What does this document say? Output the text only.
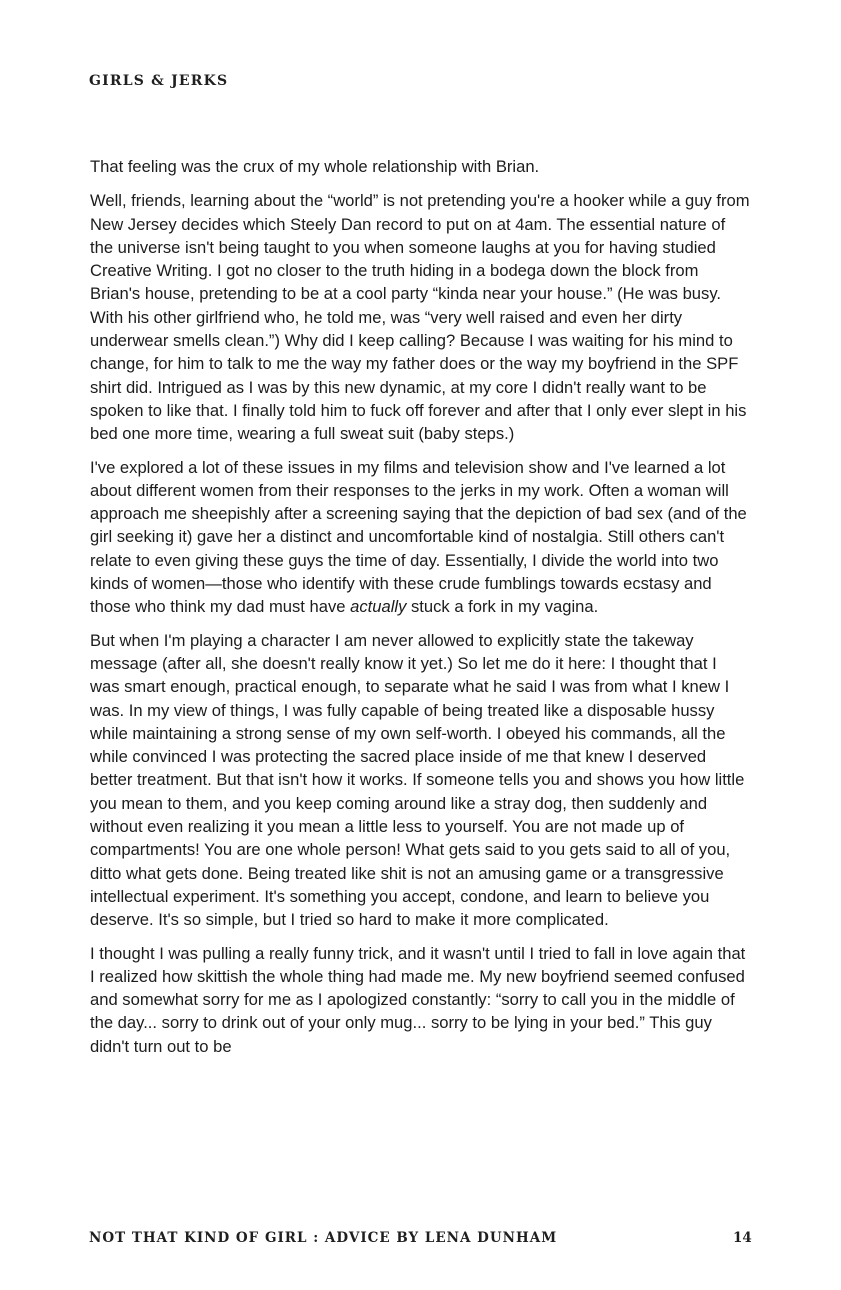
GIRLS & JERKS

That feeling was the crux of my whole relationship with Brian.

Well, friends, learning about the “world” is not pretending you're a hooker while a guy from New Jersey decides which Steely Dan record to put on at 4am. The essential nature of the universe isn't being taught to you when someone laughs at you for having studied Creative Writing. I got no closer to the truth hiding in a bodega down the block from Brian's house, pretending to be at a cool party “kinda near your house.” (He was busy. With his other girlfriend who, he told me, was “very well raised and even her dirty underwear smells clean.”) Why did I keep calling? Because I was waiting for his mind to change, for him to talk to me the way my father does or the way my boyfriend in the SPF shirt did. Intrigued as I was by this new dynamic, at my core I didn't really want to be spoken to like that. I finally told him to fuck off forever and after that I only ever slept in his bed one more time, wearing a full sweat suit (baby steps.)

I've explored a lot of these issues in my films and television show and I've learned a lot about different women from their responses to the jerks in my work. Often a woman will approach me sheepishly after a screening saying that the depiction of bad sex (and of the girl seeking it) gave her a distinct and uncomfortable kind of nostalgia. Still others can't relate to even giving these guys the time of day. Essentially, I divide the world into two kinds of women—those who identify with these crude fumblings towards ecstasy and those who think my dad must have actually stuck a fork in my vagina.

But when I'm playing a character I am never allowed to explicitly state the takeway message (after all, she doesn't really know it yet.) So let me do it here: I thought that I was smart enough, practical enough, to separate what he said I was from what I knew I was. In my view of things, I was fully capable of being treated like a disposable hussy while maintaining a strong sense of my own self-worth. I obeyed his commands, all the while convinced I was protecting the sacred place inside of me that knew I deserved better treatment. But that isn't how it works. If someone tells you and shows you how little you mean to them, and you keep coming around like a stray dog, then suddenly and without even realizing it you mean a little less to yourself. You are not made up of compartments! You are one whole person! What gets said to you gets said to all of you, ditto what gets done. Being treated like shit is not an amusing game or a transgressive intellectual experiment. It's something you accept, condone, and learn to believe you deserve. It's so simple, but I tried so hard to make it more complicated.

I thought I was pulling a really funny trick, and it wasn't until I tried to fall in love again that I realized how skittish the whole thing had made me. My new boyfriend seemed confused and somewhat sorry for me as I apologized constantly: “sorry to call you in the middle of the day... sorry to drink out of your only mug... sorry to be lying in your bed.” This guy didn't turn out to be

NOT THAT KIND OF GIRL : ADVICE BY LENA DUNHAM	14
